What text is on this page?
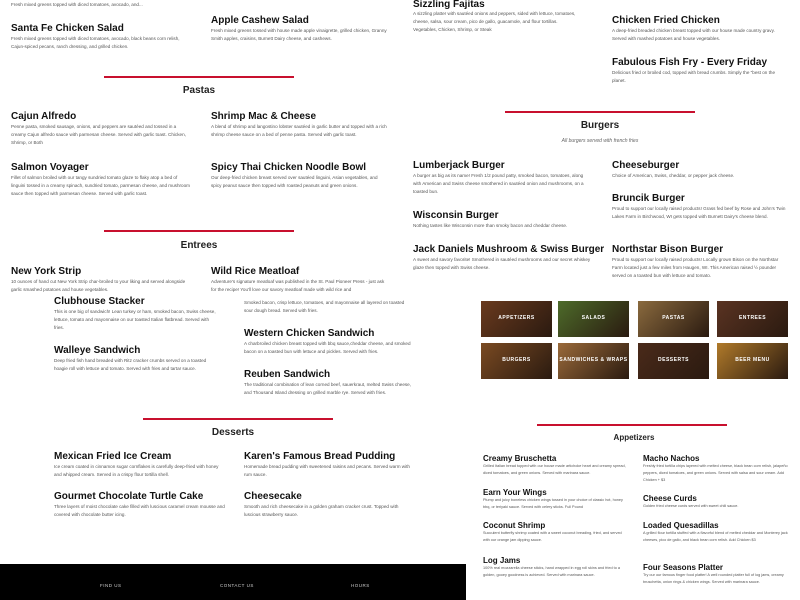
Fresh mixed greens topped with diced tomatoes, avocado, and...
Santa Fe Chicken Salad
Fresh mixed greens topped with diced tomatoes, avocado, black beans corn relish, Cajun-spiced pecans, ranch dressing, and grilled chicken.
Apple Cashew Salad
Fresh mixed greens tossed with house made apple vinaigrette, grilled chicken, Granny Smith apples, craisins, Burnett Dairy cheese, and cashews.
Sizzling Fajitas
A sizzling platter with sautéed onions and peppers, sided with lettuce, tomatoes, cheese, salsa, sour cream, pico de gallo, guacamole, and flour tortillas. Vegetables, Chicken, Shrimp, or Steak
Chicken Fried Chicken
A deep-fried breaded chicken breast topped with our house made country gravy. Served with mashed potatoes and house vegetables.
Fabulous Fish Fry - Every Friday
Delicious fried or broiled cod, topped with bread crumbs. Simply the "best on the planet.
Pastas
Cajun Alfredo
Penne pasta, smoked sausage, onions, and peppers are sautéed and tossed in a creamy Cajun alfredo sauce with parmesan cheese. Served with garlic toast. Chicken, Shrimp, or Both
Shrimp Mac & Cheese
A blend of shrimp and langostino lobster sautéed in garlic butter and topped with a rich shrimp cheese sauce on a bed of penne pasta. Served with garlic toast.
Salmon Voyager
Fillet of salmon broiled with our tangy sundried tomato glaze to flaky atop a bed of linguini tossed in a creamy spinach, sundried tomato, parmesan cheese, and mushroom sauce then topped with parmesan cheese. Served with garlic toast.
Spicy Thai Chicken Noodle Bowl
Our deep-fried chicken breast served over sautéed linguini, Asian vegetables, and spicy peanut sauce then topped with roasted peanuts and green onions.
Burgers
All burgers served with french fries
Lumberjack Burger
A burger as big as its name! Fresh 1/2 pound patty, smoked bacon, tomatoes, along with American and Swiss cheese smothered in sautéed onion and mushrooms, on a toasted bun.
Cheeseburger
Choice of American, Swiss, cheddar, or pepper jack cheese.
Bruncik Burger
Proud to support our locally raised products! Grass fed beef by Rose and John's Twin Lakes Farm in Birchwood, WI gets topped with Burnett Dairy's cheese blend.
Wisconsin Burger
Nothing tastes like Wisconsin more than smoky bacon and cheddar cheese.
Jack Daniels Mushroom & Swiss Burger
A sweet and savory favorite! Smothered in sautéed mushrooms and our secret whiskey glaze then topped with Swiss cheese.
Northstar Bison Burger
Proud to support our locally raised products! Locally grown Bison on the Northstar Farm located just a few miles from Haugen, WI. This American raised ½ pounder served on a toasted bun with lettuce and tomato.
Entrees
New York Strip
10 ounces of hand cut New York Strip char-broiled to your liking and served alongside garlic smashed potatoes and house vegetables.
Wild Rice Meatloaf
Adventure's signature meatloaf was published in the St. Paul Pioneer Press - just ask for the recipe! You'll love our savory meatloaf made with wild rice and
Clubhouse Stacker
This is one big of sandwich! Lean turkey or ham, smoked bacon, Swiss cheese, lettuce, tomato and mayonnaise on our toasted Italian flatbread. Served with fries.
Smoked bacon, crisp lettuce, tomatoes, and mayonnaise all layered on toasted sour dough bread. Served with fries.
Western Chicken Sandwich
A charbroiled chicken breast topped with bbq sauce,cheddar cheese, and smoked bacon on a toasted bun with lettuce and pickles. Served with fries.
Walleye Sandwich
Deep fried fish hand breaded with Ritz cracker crumbs served on a toasted hoagie roll with lettuce and tomato. Served with fries and tartar sauce.
Reuben Sandwich
The traditional combination of lean corned beef, sauerkraut, melted Swiss cheese, and Thousand Island dressing on grilled marble rye. Served with fries.
APPETIZERS	SALADS	PASTAS	ENTREES
BURGERS	SANDWICHES & WRAPS	DESSERTS	BEER MENU
Desserts
Mexican Fried Ice Cream
Ice cream coated in cinnamon sugar cornflakes is carefully deep-fried with honey and whipped cream. Served in a crispy flour tortilla shell.
Karen's Famous Bread Pudding
Homemade bread pudding with sweetened raisins and pecans. Served warm with rum sauce.
Gourmet Chocolate Turtle Cake
Three layers of moist chocolate cake filled with luscious caramel cream mousse and covered with chocolate butter icing.
Cheesecake
Smooth and rich cheesecake in a golden graham cracker crust. Topped with luscious strawberry sauce.
Appetizers
Creamy Bruschetta
Grilled Italian bread topped with our house made artichoke heart and creamy spread, diced tomatoes, and green onions. Served with marinara sauce.
Macho Nachos
Freshly fried tortilla chips layered with melted cheese, black bean corn relish, jalapeño peppers, diced tomatoes, and green onions. Served with salsa and sour cream. Add Chicken + $3
Earn Your Wings
Plump and juicy boneless chicken wings tossed in your choice of classic hot, honey bbq, or teriyaki sauce. Served with celery sticks. Full Pound
Cheese Curds
Golden fried cheese curds served with sweet chili sauce.
Coconut Shrimp
Succulent butterfly shrimp coated with a sweet coconut breading, fried, and served with our orange jam dipping sauce.
Loaded Quesadillas
A grilled flour tortilla stuffed with a flavorful blend of melted cheddar and Monterey jack cheeses, pico de gallo, and black bean corn relish. Add Chicken $3
Log Jams
100% real mozzarella cheese sticks, hand wrapped in egg roll skins and fried to a golden, gooey goodness is achieved. Served with marinara sauce.
Four Seasons Platter
Try our our famous finger food platter! A well rounded platter full of log jams, creamy bruschetta, onion rings & chicken wings. Served with marinara sauce.
FIND US	CONTACT US	HOURS
